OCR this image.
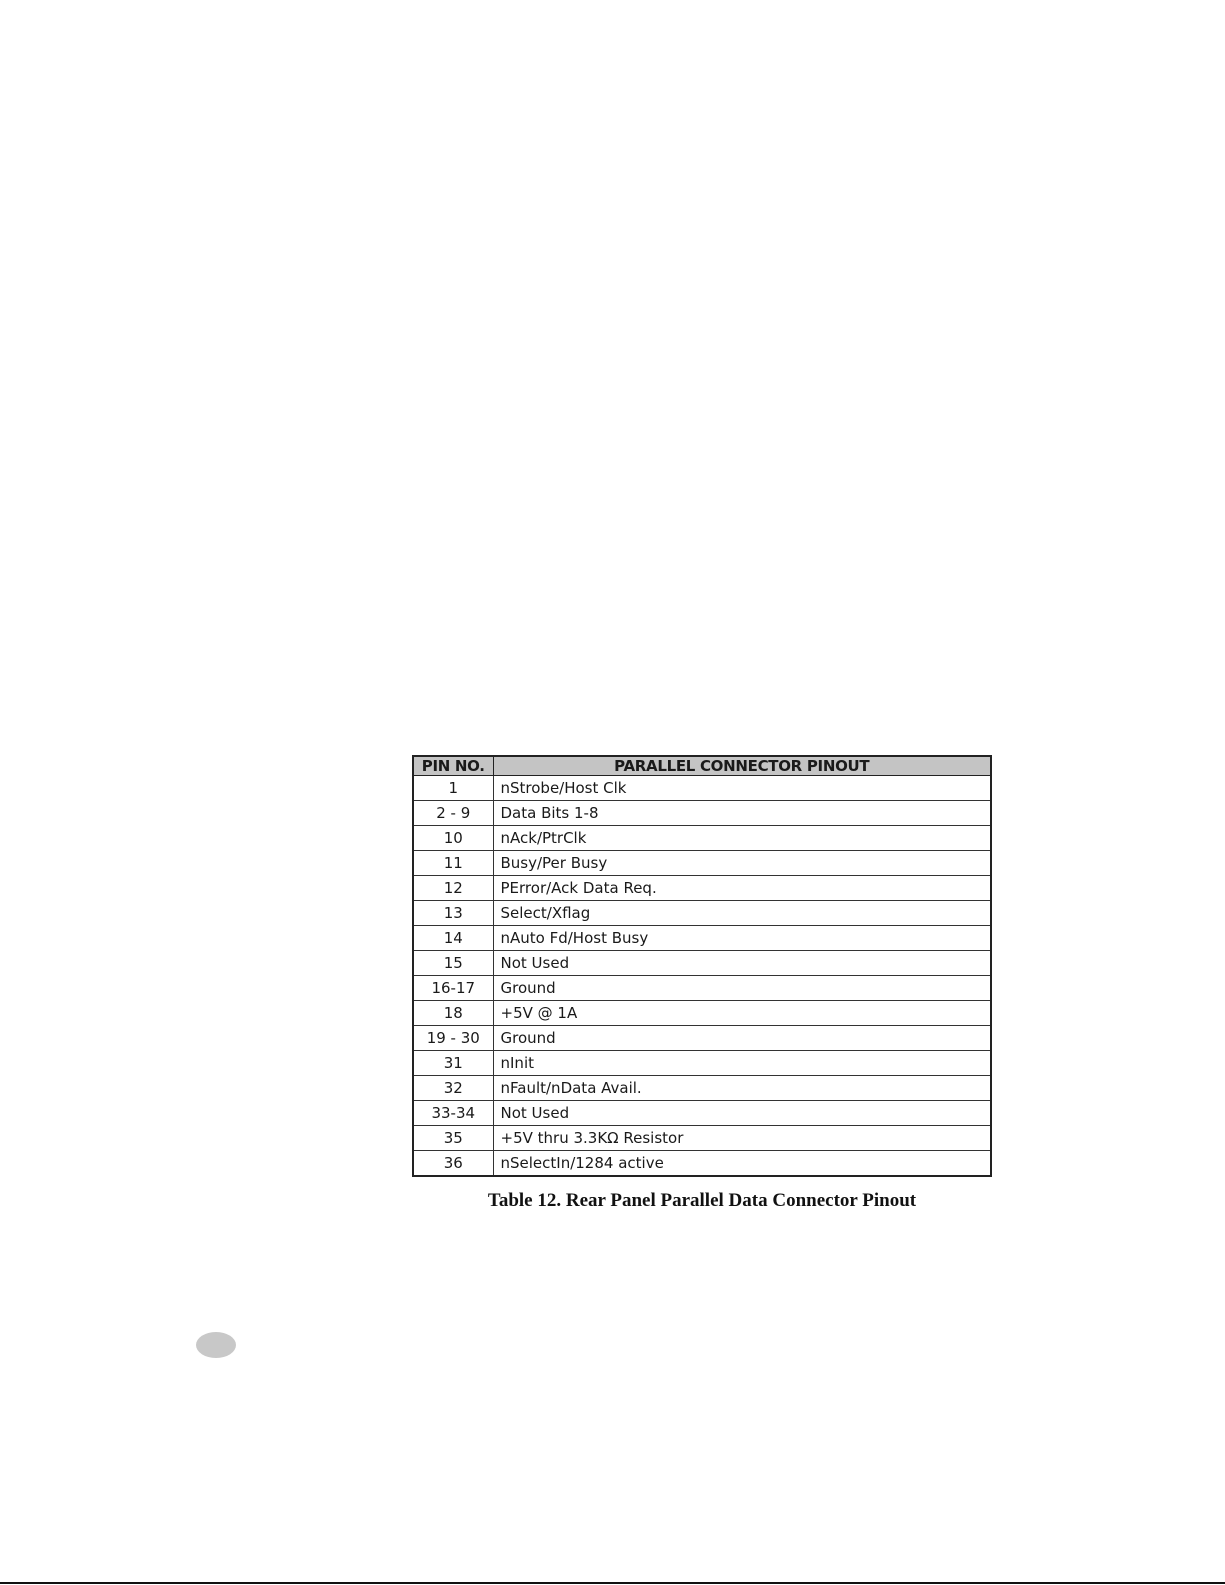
PIN NO.	PARALLEL CONNECTOR PINOUT
1	nStrobe/Host Clk
2 - 9	Data Bits 1-8
10	nAck/PtrClk
11	Busy/Per Busy
12	PError/Ack Data Req.
13	Select/Xflag
14	nAuto Fd/Host Busy
15	Not Used
16-17	Ground
18	+5V @ 1A
19 - 30	Ground
31	nInit
32	nFault/nData Avail.
33-34	Not Used
35	+5V thru 3.3KΩ Resistor
36	nSelectIn/1284 active
Table 12. Rear Panel Parallel Data Connector Pinout
